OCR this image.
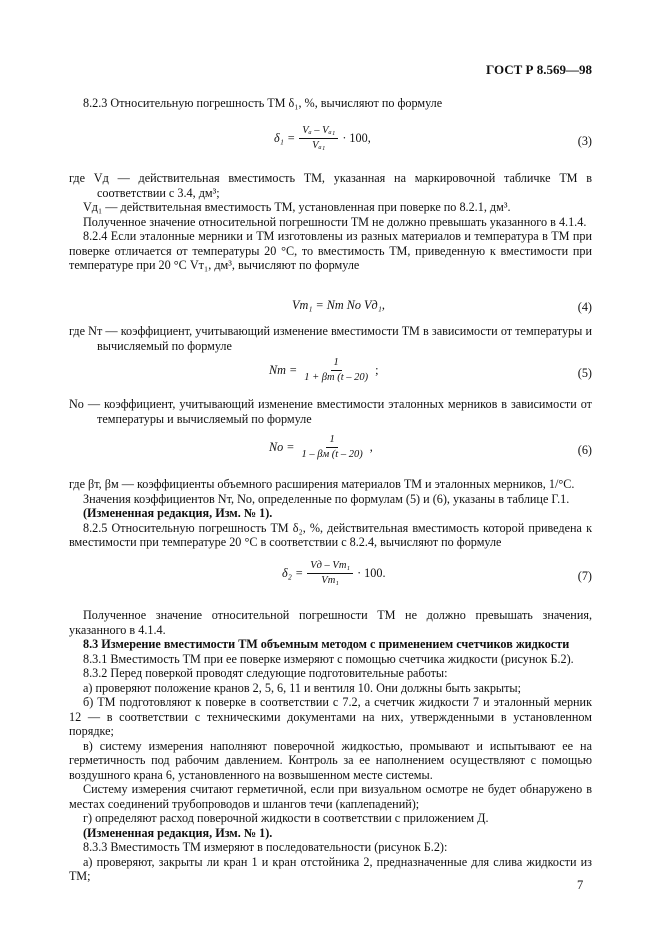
ГОСТ Р 8.569—98

8.2.3 Относительную погрешность ТМ δ₁, %, вычисляют по формуле

$\delta_1 = \frac{\text{Vₐ – Vₐ₁}}{\text{Vₐ₁}} \cdot 100$,	(3)

где Vд — действительная вместимость ТМ, указанная на маркировочной табличке ТМ в соответствии с 3.4, дм³;

Vд₁ — действительная вместимость ТМ, установленная при поверке по 8.2.1, дм³.

Полученное значение относительной погрешности ТМ не должно превышать указанного в 4.1.4.

8.2.4 Если эталонные мерники и ТМ изготовлены из разных материалов и температура в ТМ при поверке отличается от температуры 20 °С, то вместимость ТМ, приведенную к вместимости при температуре при 20 °С Vт₁, дм³, вычисляют по формуле

Vт₁ = Nт Nо Vд₁,	(4)

где Nт — коэффициент, учитывающий изменение вместимости ТМ в зависимости от температуры и вычисляемый по формуле

Nт = $\frac{1}{1 + \beta т (t - 20)}$ ;	(5)

Nо — коэффициент, учитывающий изменение вместимости эталонных мерников в зависимости от температуры и вычисляемый по формуле

Nо = $\frac{1}{1 - \beta м (t - 20)}$ ,	(6)

где βт, βм — коэффициенты объемного расширения материалов ТМ и эталонных мерников, 1/°С.

Значения коэффициентов Nт, Nо, определенные по формулам (5) и (6), указаны в таблице Г.1.

(Измененная редакция, Изм. № 1).

8.2.5 Относительную погрешность ТМ δ₂, %, действительная вместимость которой приведена к вместимости при температуре 20 °С в соответствии с 8.2.4, вычисляют по формуле

$\delta_2 = \frac{\text{Vд – Vт₁}}{\text{Vт₁}} \cdot 100$.	(7)

Полученное значение относительной погрешности ТМ не должно превышать значения, указанного в 4.1.4.

8.3 Измерение вместимости ТМ объемным методом с применением счетчиков жидкости

8.3.1 Вместимость ТМ при ее поверке измеряют с помощью счетчика жидкости (рисунок Б.2).

8.3.2 Перед поверкой проводят следующие подготовительные работы:

а) проверяют положение кранов 2, 5, 6, 11 и вентиля 10. Они должны быть закрыты;

б) ТМ подготовляют к поверке в соответствии с 7.2, а счетчик жидкости 7 и эталонный мерник 12 — в соответствии с техническими документами на них, утвержденными в установленном порядке;

в) систему измерения наполняют поверочной жидкостью, промывают и испытывают ее на герметичность под рабочим давлением. Контроль за ее наполнением осуществляют с помощью воздушного крана 6, установленного на возвышенном месте системы.

Систему измерения считают герметичной, если при визуальном осмотре не будет обнаружено в местах соединений трубопроводов и шлангов течи (каплепадений);

г) определяют расход поверочной жидкости в соответствии с приложением Д.

(Измененная редакция, Изм. № 1).

8.3.3 Вместимость ТМ измеряют в последовательности (рисунок Б.2):

а) проверяют, закрыты ли кран 1 и кран отстойника 2, предназначенные для слива жидкости из ТМ;

7
